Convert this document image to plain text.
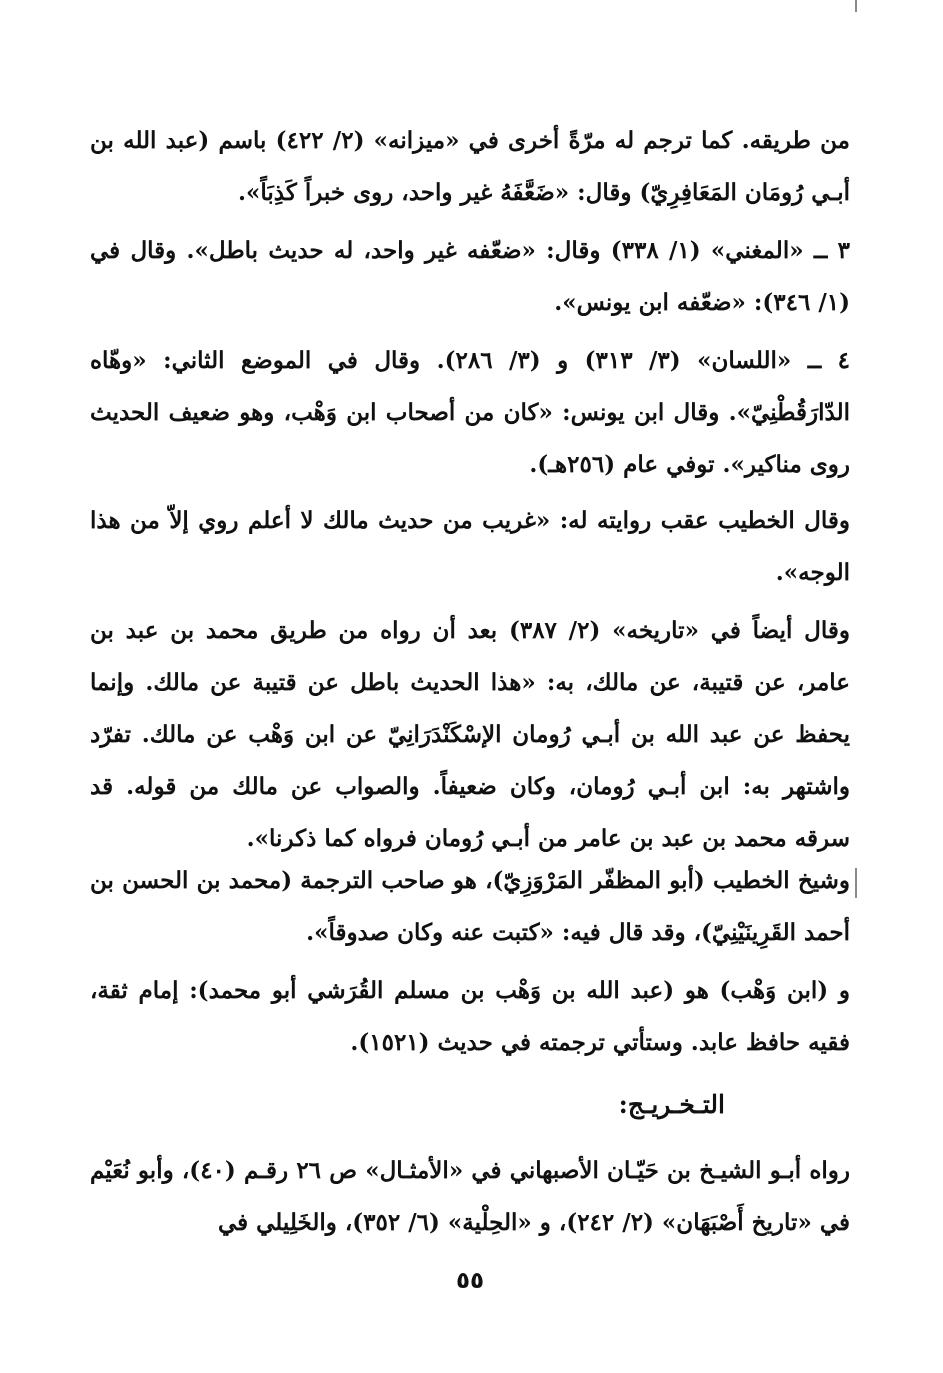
من طريقه. كما ترجم له مرّةً أخرى في «ميزانه» (٢/ ٤٢٢) باسم (عبد الله بن أبـي رُومَان المَعَافِرِيّ) وقال: «ضَعَّفَهُ غير واحد، روى خبراً كَذِبَاً».

٣ ــ «المغني» (١/ ٣٣٨) وقال: «ضعّفه غير واحد، له حديث باطل». وقال في (١/ ٣٤٦): «ضعّفه ابن يونس».

٤ ــ «اللسان» (٣/ ٣١٣) و (٣/ ٢٨٦). وقال في الموضع الثاني: «وهّاه الدّارَقُطْنِيّ». وقال ابن يونس: «كان من أصحاب ابن وَهْب، وهو ضعيف الحديث روى مناكير». توفي عام (٢٥٦هـ).

وقال الخطيب عقب روايته له: «غريب من حديث مالك لا أعلم روي إلاّ من هذا الوجه».

وقال أيضاً في «تاريخه» (٢/ ٣٨٧) بعد أن رواه من طريق محمد بن عبد بن عامر، عن قتيبة، عن مالك، به: «هذا الحديث باطل عن قتيبة عن مالك. وإنما يحفظ عن عبد الله بن أبـي رُومان الإسْكَنْدَرَانِيّ عن ابن وَهْب عن مالك. تفرّد واشتهر به: ابن أبـي رُومان، وكان ضعيفاً. والصواب عن مالك من قوله. قد سرقه محمد بن عبد بن عامر من أبـي رُومان فرواه كما ذكرنا».

وشيخ الخطيب (أبو المظفّر المَرْوَزِيّ)، هو صاحب الترجمة (محمد بن الحسن بن أحمد القَرِينَيْنِيّ)، وقد قال فيه: «كتبت عنه وكان صدوقاً».

و (ابن وَهْب) هو (عبد الله بن وَهْب بن مسلم القُرَشي أبو محمد): إمام ثقة، فقيه حافظ عابد. وستأتي ترجمته في حديث (١٥٢١).

التـخـريـج:

رواه أبـو الشيـخ بن حَيّـان الأصبهاني في «الأمثـال» ص ٢٦ رقـم (٤٠)، وأبو نُعَيْم في «تاريخ أَصْبَهَان» (٢/ ٢٤٢)، و «الحِلْية» (٦/ ٣٥٢)، والخَلِيلي في

٥٥
